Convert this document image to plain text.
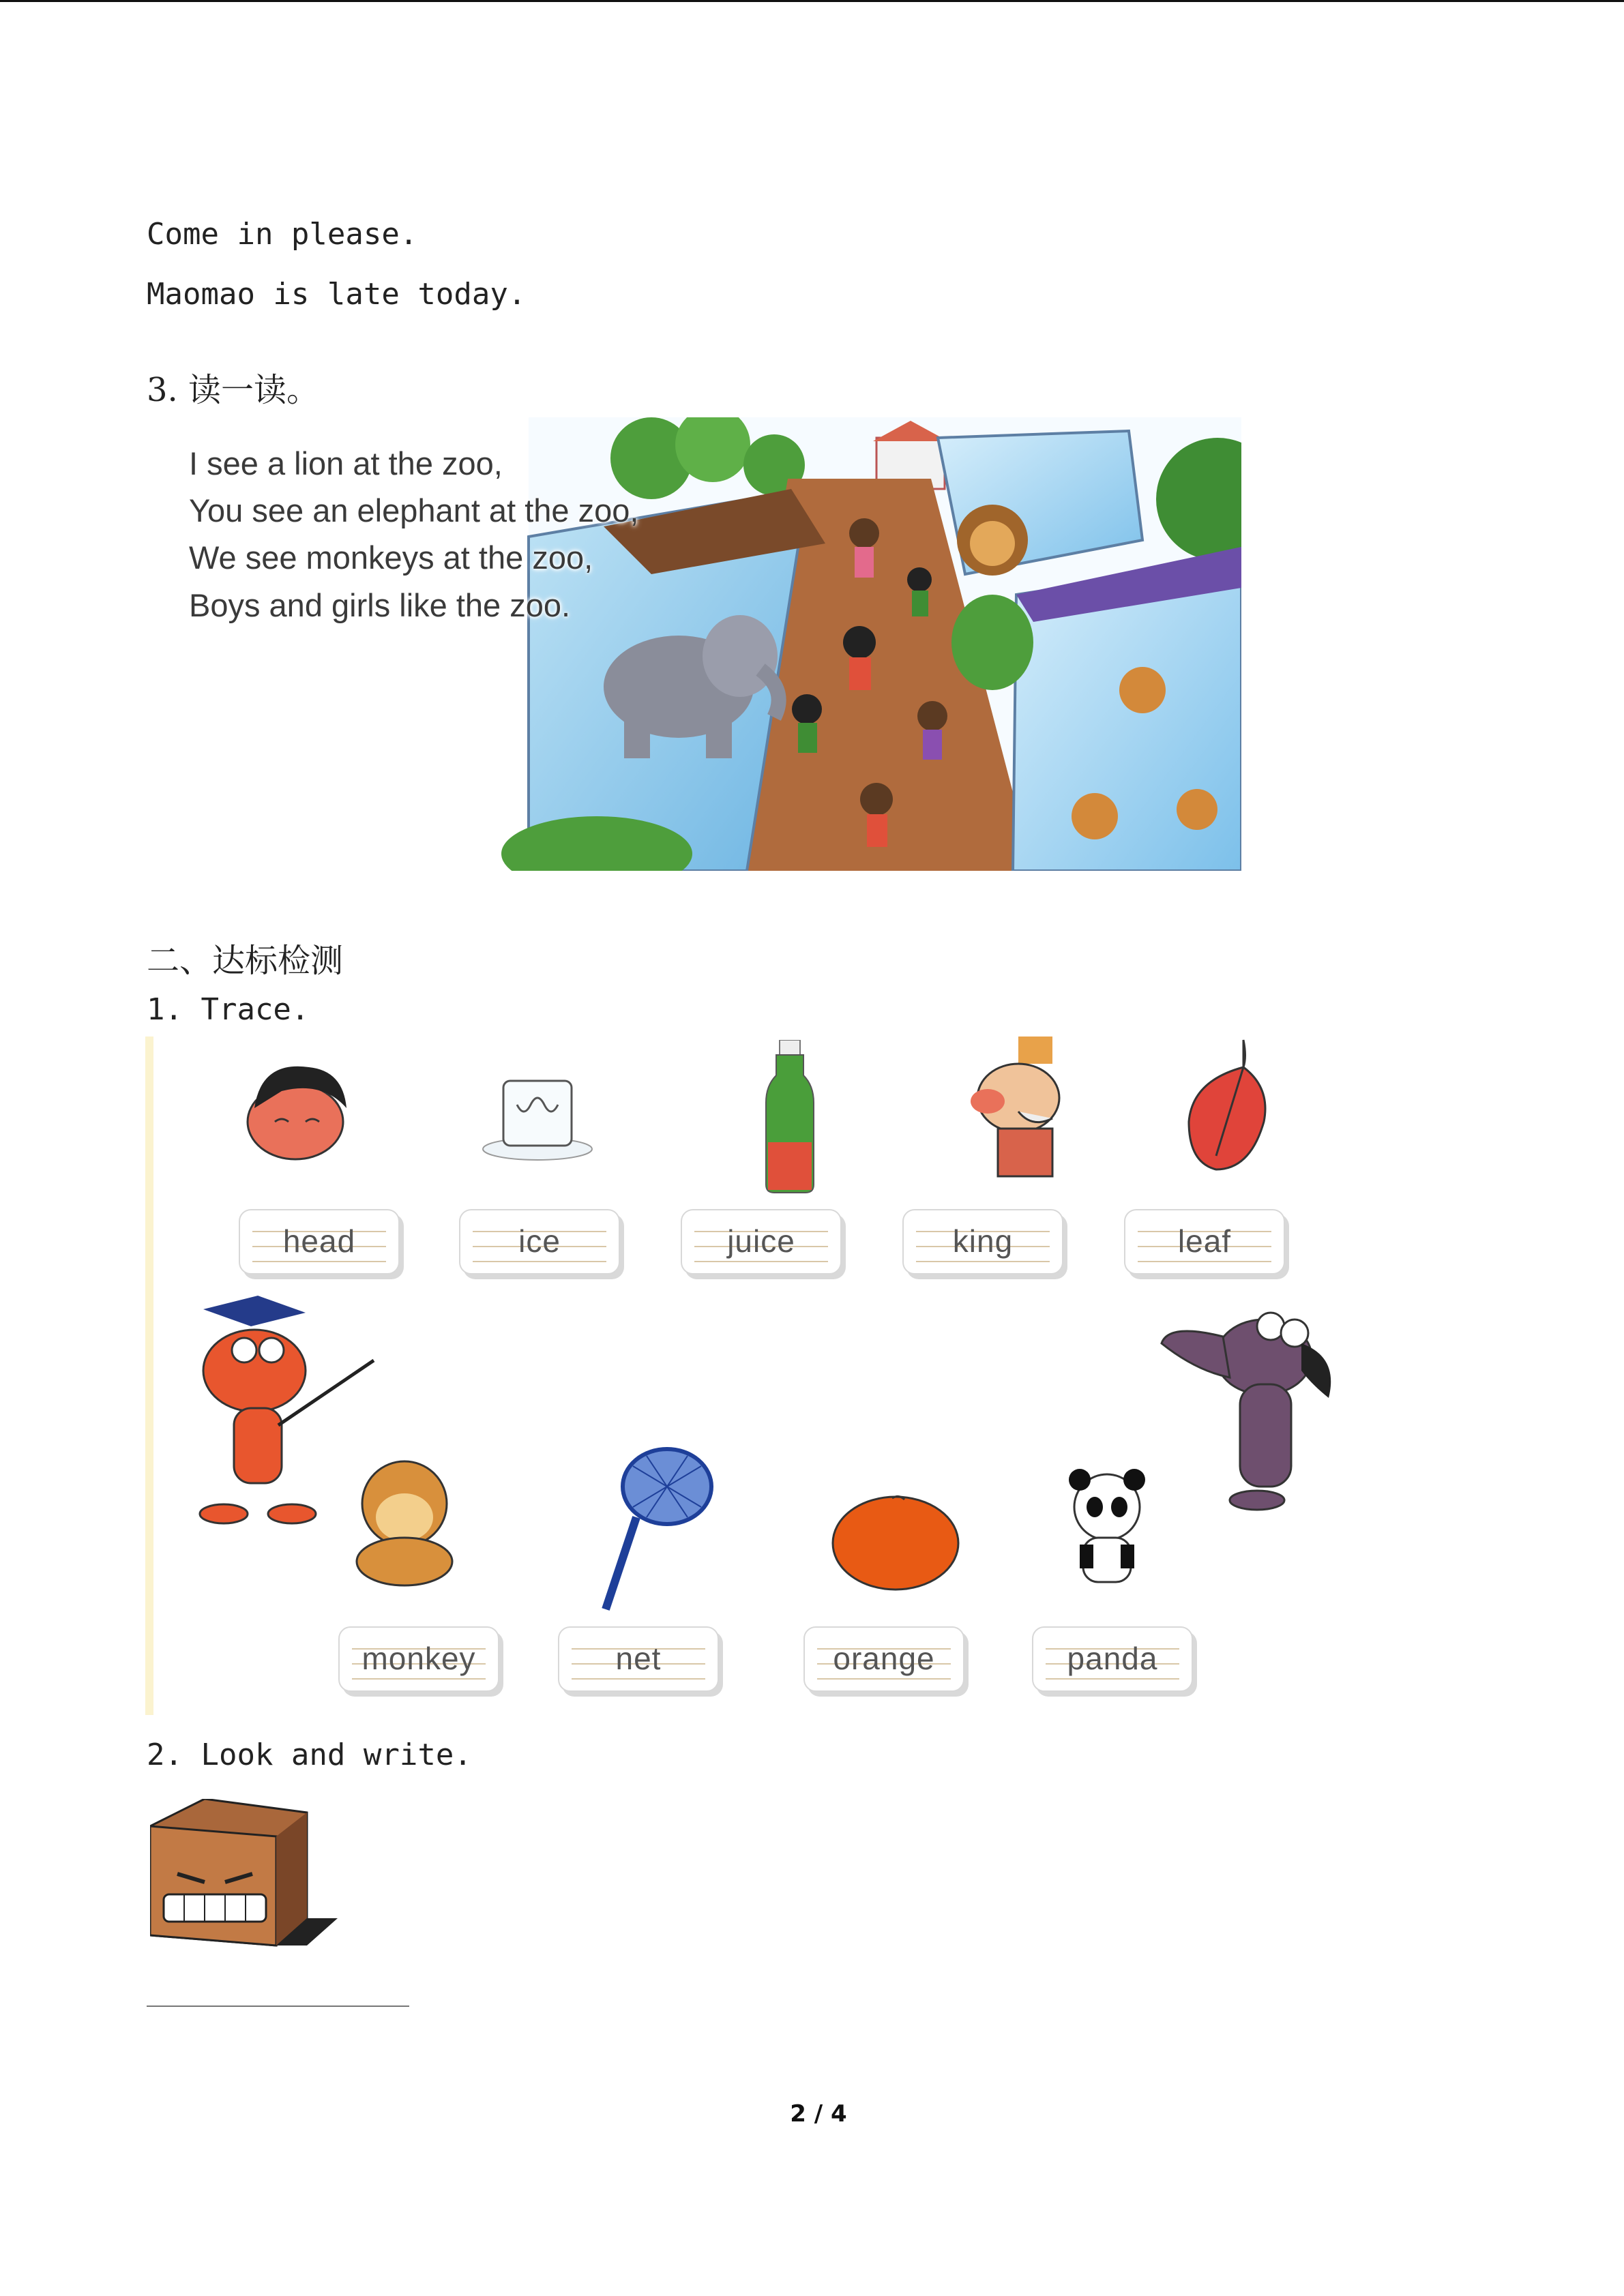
Come in please.
Maomao is late today.
3. 读一读。
I see a lion at the zoo,
You see an elephant at the zoo,
We see monkeys at the zoo,
Boys and girls like the zoo.
二、达标检测
1. Trace.
head	ice	juice	king	leaf
monkey	net	orange	panda
2. Look and write.
2 / 4
